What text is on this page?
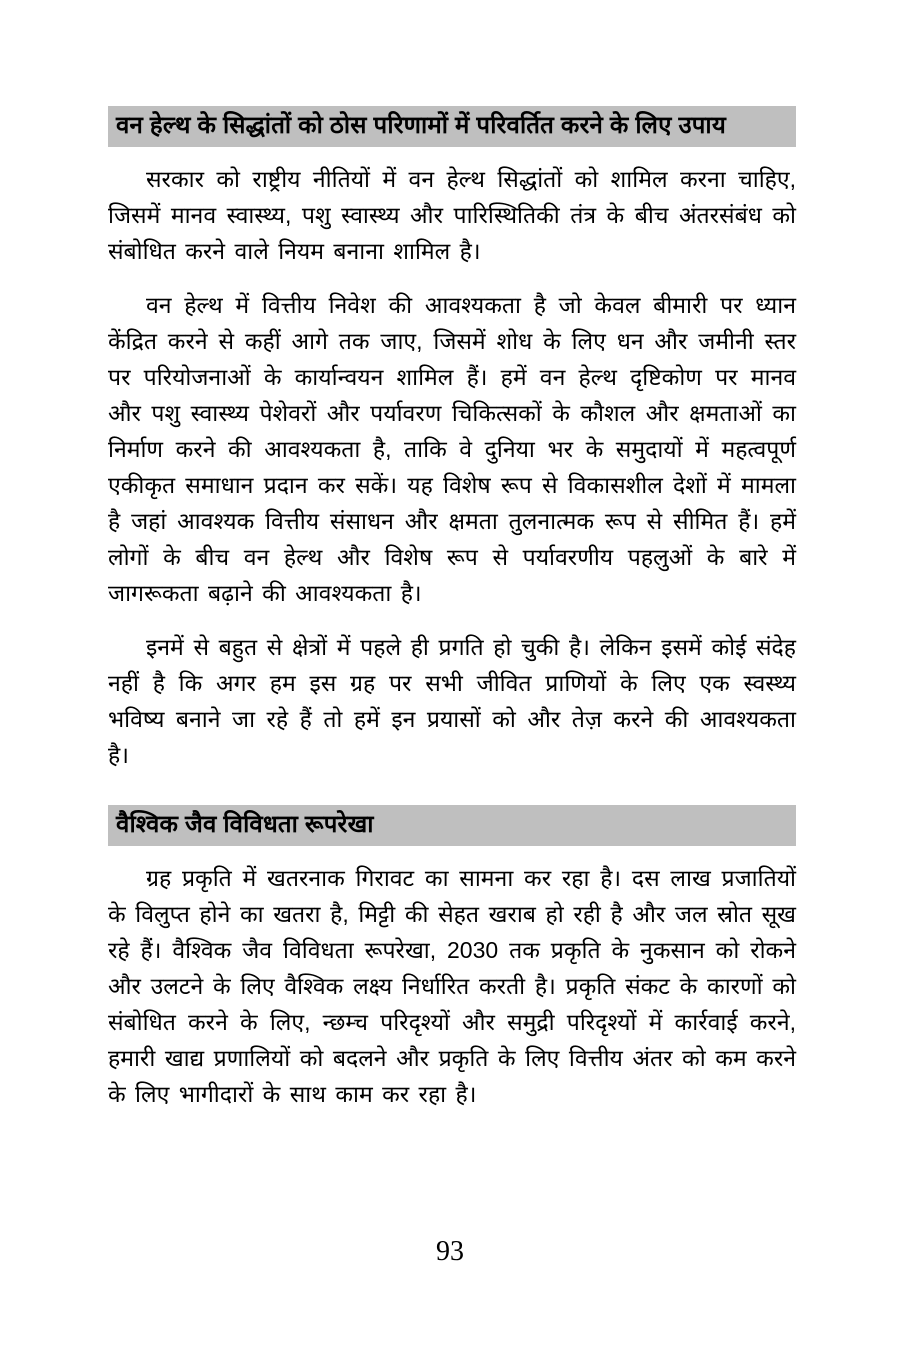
वन हेल्थ के सिद्धांतों को ठोस परिणामों में परिवर्तित करने के लिए उपाय

सरकार को राष्ट्रीय नीतियों में वन हेल्थ सिद्धांतों को शामिल करना चाहिए, जिसमें मानव स्वास्थ्य, पशु स्वास्थ्य और पारिस्थितिकी तंत्र के बीच अंतरसंबंध को संबोधित करने वाले नियम बनाना शामिल है।

वन हेल्थ में वित्तीय निवेश की आवश्यकता है जो केवल बीमारी पर ध्यान केंद्रित करने से कहीं आगे तक जाए, जिसमें शोध के लिए धन और जमीनी स्तर पर परियोजनाओं के कार्यान्वयन शामिल हैं। हमें वन हेल्थ दृष्टिकोण पर मानव और पशु स्वास्थ्य पेशेवरों और पर्यावरण चिकित्सकों के कौशल और क्षमताओं का निर्माण करने की आवश्यकता है, ताकि वे दुनिया भर के समुदायों में महत्वपूर्ण एकीकृत समाधान प्रदान कर सकें। यह विशेष रूप से विकासशील देशों में मामला है जहां आवश्यक वित्तीय संसाधन और क्षमता तुलनात्मक रूप से सीमित हैं। हमें लोगों के बीच वन हेल्थ और विशेष रूप से पर्यावरणीय पहलुओं के बारे में जागरूकता बढ़ाने की आवश्यकता है।

इनमें से बहुत से क्षेत्रों में पहले ही प्रगति हो चुकी है। लेकिन इसमें कोई संदेह नहीं है कि अगर हम इस ग्रह पर सभी जीवित प्राणियों के लिए एक स्वस्थ्य भविष्य बनाने जा रहे हैं तो हमें इन प्रयासों को और तेज़ करने की आवश्यकता है।

वैश्विक जैव विविधता रूपरेखा

ग्रह प्रकृति में खतरनाक गिरावट का सामना कर रहा है। दस लाख प्रजातियों के विलुप्त होने का खतरा है, मिट्टी की सेहत खराब हो रही है और जल स्रोत सूख रहे हैं। वैश्विक जैव विविधता रूपरेखा, 2030 तक प्रकृति के नुकसान को रोकने और उलटने के लिए वैश्विक लक्ष्य निर्धारित करती है। प्रकृति संकट के कारणों को संबोधित करने के लिए, न्छम्च परिदृश्यों और समुद्री परिदृश्यों में कार्रवाई करने, हमारी खाद्य प्रणालियों को बदलने और प्रकृति के लिए वित्तीय अंतर को कम करने के लिए भागीदारों के साथ काम कर रहा है।

93
